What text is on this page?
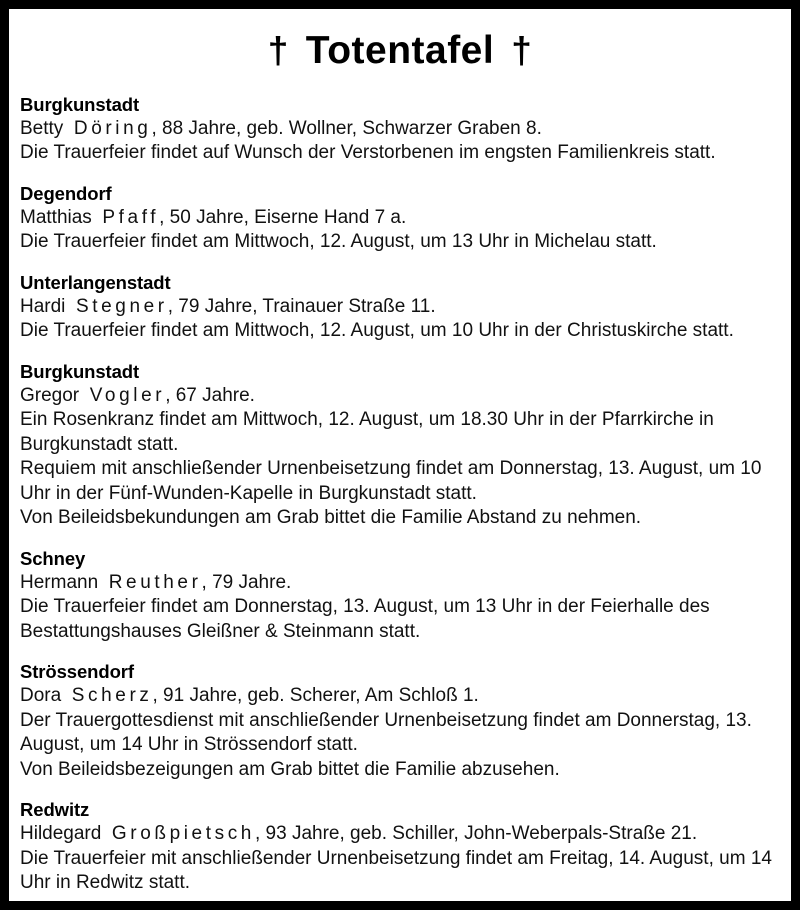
† Totentafel †
Burgkunstadt
Betty Döring, 88 Jahre, geb. Wollner, Schwarzer Graben 8.
Die Trauerfeier findet auf Wunsch der Verstorbenen im engsten Familienkreis statt.
Degendorf
Matthias Pfaff, 50 Jahre, Eiserne Hand 7 a.
Die Trauerfeier findet am Mittwoch, 12. August, um 13 Uhr in Michelau statt.
Unterlangenstadt
Hardi Stegner, 79 Jahre, Trainauer Straße 11.
Die Trauerfeier findet am Mittwoch, 12. August, um 10 Uhr in der Christuskirche statt.
Burgkunstadt
Gregor Vogler, 67 Jahre.
Ein Rosenkranz findet am Mittwoch, 12. August, um 18.30 Uhr in der Pfarrkirche in Burgkunstadt statt.
Requiem mit anschließender Urnenbeisetzung findet am Donnerstag, 13. August, um 10 Uhr in der Fünf-Wunden-Kapelle in Burgkunstadt statt.
Von Beileidsbekundungen am Grab bittet die Familie Abstand zu nehmen.
Schney
Hermann Reuther, 79 Jahre.
Die Trauerfeier findet am Donnerstag, 13. August, um 13 Uhr in der Feierhalle des Bestattungshauses Gleißner & Steinmann statt.
Strössendorf
Dora Scherz, 91 Jahre, geb. Scherer, Am Schloß 1.
Der Trauergottesdienst mit anschließender Urnenbeisetzung findet am Donnerstag, 13. August, um 14 Uhr in Strössendorf statt.
Von Beileidsbezeigungen am Grab bittet die Familie abzusehen.
Redwitz
Hildegard Großpietsch, 93 Jahre, geb. Schiller, John-Weberpals-Straße 21.
Die Trauerfeier mit anschließender Urnenbeisetzung findet am Freitag, 14. August, um 14 Uhr in Redwitz statt.
